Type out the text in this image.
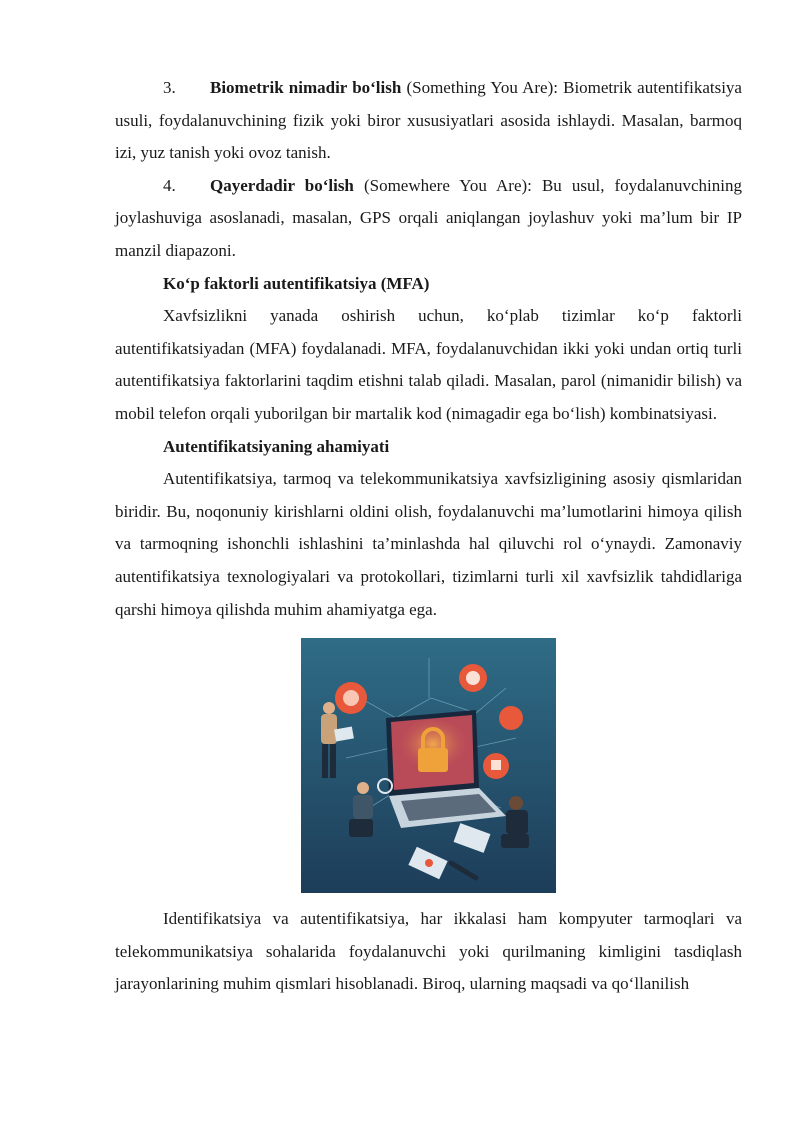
3. Biometrik nimadir bo‘lish (Something You Are): Biometrik autentifikatsiya usuli, foydalanuvchining fizik yoki biror xususiyatlari asosida ishlaydi. Masalan, barmoq izi, yuz tanish yoki ovoz tanish.

4. Qayerdadir bo‘lish (Somewhere You Are): Bu usul, foydalanuvchining joylashuviga asoslanadi, masalan, GPS orqali aniqlangan joylashuv yoki ma’lum bir IP manzil diapazoni.

Ko‘p faktorli autentifikatsiya (MFA)

Xavfsizlikni yanada oshirish uchun, ko‘plab tizimlar ko‘p faktorli autentifikatsiyadan (MFA) foydalanadi. MFA, foydalanuvchidan ikki yoki undan ortiq turli autentifikatsiya faktorlarini taqdim etishni talab qiladi. Masalan, parol (nimanidir bilish) va mobil telefon orqali yuborilgan bir martalik kod (nimagadir ega bo‘lish) kombinatsiyasi.

Autentifikatsiyaning ahamiyati

Autentifikatsiya, tarmoq va telekommunikatsiya xavfsizligining asosiy qismlaridan biridir. Bu, noqonuniy kirishlarni oldini olish, foydalanuvchi ma’lumotlarini himoya qilish va tarmoqning ishonchli ishlashini ta’minlashda hal qiluvchi rol o‘ynaydi. Zamonaviy autentifikatsiya texnologiyalari va protokollari, tizimlarni turli xil xavfsizlik tahdidlariga qarshi himoya qilishda muhim ahamiyatga ega.

Identifikatsiya va autentifikatsiya, har ikkalasi ham kompyuter tarmoqlari va telekommunikatsiya sohalarida foydalanuvchi yoki qurilmaning kimligini tasdiqlash jarayonlarining muhim qismlari hisoblanadi. Biroq, ularning maqsadi va qo‘llanilish
